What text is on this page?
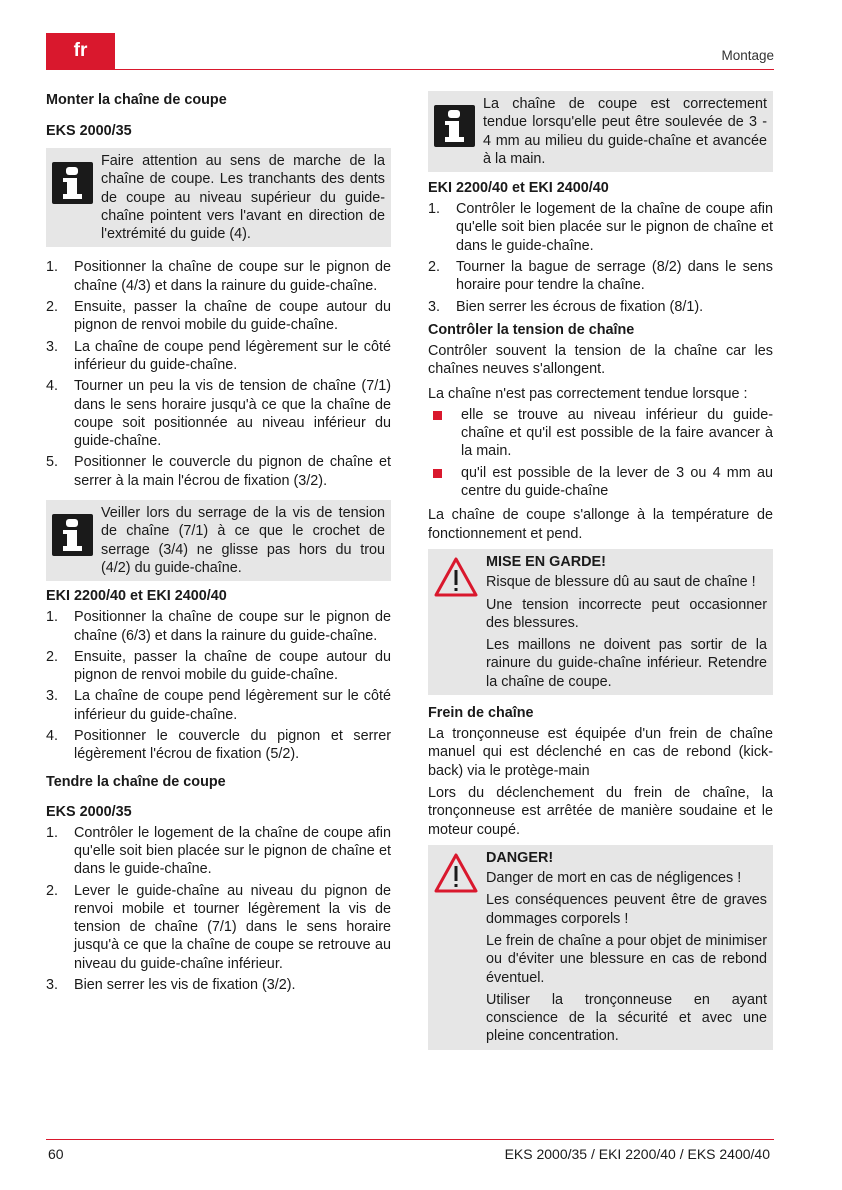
fr	Montage
Monter la chaîne de coupe
EKS 2000/35
Faire attention au sens de marche de la chaîne de coupe. Les tranchants des dents de coupe au niveau supérieur du guide-chaîne pointent vers l'avant en direction de l'extrémité du guide (4).
1.	Positionner la chaîne de coupe sur le pignon de chaîne (4/3) et dans la rainure du guide-chaîne.
2.	Ensuite, passer la chaîne de coupe autour du pignon de renvoi mobile du guide-chaîne.
3.	La chaîne de coupe pend légèrement sur le côté inférieur du guide-chaîne.
4.	Tourner un peu la vis de tension de chaîne (7/1) dans le sens horaire jusqu'à ce que la chaîne de coupe soit positionnée au niveau inférieur du guide-chaîne.
5.	Positionner le couvercle du pignon de chaîne et serrer à la main l'écrou de fixation (3/2).
Veiller lors du serrage de la vis de tension de chaîne (7/1) à ce que le crochet de serrage (3/4) ne glisse pas hors du trou (4/2) du guide-chaîne.
EKI 2200/40 et EKI 2400/40
1.	Positionner la chaîne de coupe sur le pignon de chaîne (6/3) et dans la rainure du guide-chaîne.
2.	Ensuite, passer la chaîne de coupe autour du pignon de renvoi mobile du guide-chaîne.
3.	La chaîne de coupe pend légèrement sur le côté inférieur du guide-chaîne.
4.	Positionner le couvercle du pignon et serrer légèrement l'écrou de fixation (5/2).
Tendre la chaîne de coupe
EKS 2000/35
1.	Contrôler le logement de la chaîne de coupe afin qu'elle soit bien placée sur le pignon de chaîne et dans le guide-chaîne.
2.	Lever le guide-chaîne au niveau du pignon de renvoi mobile et tourner légèrement la vis de tension de chaîne (7/1) dans le sens horaire jusqu'à ce que la chaîne de coupe se retrouve au niveau du guide-chaîne inférieur.
3.	Bien serrer les vis de fixation (3/2).
La chaîne de coupe est correctement tendue lorsqu'elle peut être soulevée de 3 - 4 mm au milieu du guide-chaîne et avancée à la main.
EKI 2200/40 et EKI 2400/40
1.	Contrôler le logement de la chaîne de coupe afin qu'elle soit bien placée sur le pignon de chaîne et dans le guide-chaîne.
2.	Tourner la bague de serrage (8/2) dans le sens horaire pour tendre la chaîne.
3.	Bien serrer les écrous de fixation (8/1).
Contrôler la tension de chaîne

Contrôler souvent la tension de la chaîne car les chaînes neuves s'allongent.

La chaîne n'est pas correctement tendue lorsque :

elle se trouve au niveau inférieur du guide-chaîne et qu'il est possible de la faire avancer à la main.
qu'il est possible de la lever de 3 ou 4 mm au centre du guide-chaîne

La chaîne de coupe s'allonge à la température de fonctionnement et pend.

MISE EN GARDE!

Risque de blessure dû au saut de chaîne !

Une tension incorrecte peut occasionner des blessures.

Les maillons ne doivent pas sortir de la rainure du guide-chaîne inférieur. Retendre la chaîne de coupe.

Frein de chaîne

La tronçonneuse est équipée d'un frein de chaîne manuel qui est déclenché en cas de rebond (kick-back) via le protège-main

Lors du déclenchement du frein de chaîne, la tronçonneuse est arrêtée de manière soudaine et le moteur coupé.

DANGER!

Danger de mort en cas de négligences !

Les conséquences peuvent être de graves dommages corporels !

Le frein de chaîne a pour objet de minimiser ou d'éviter une blessure en cas de rebond éventuel.

Utiliser la tronçonneuse en ayant conscience de la sécurité et avec une pleine concentration.

60	EKS 2000/35 / EKI 2200/40 / EKS 2400/40
